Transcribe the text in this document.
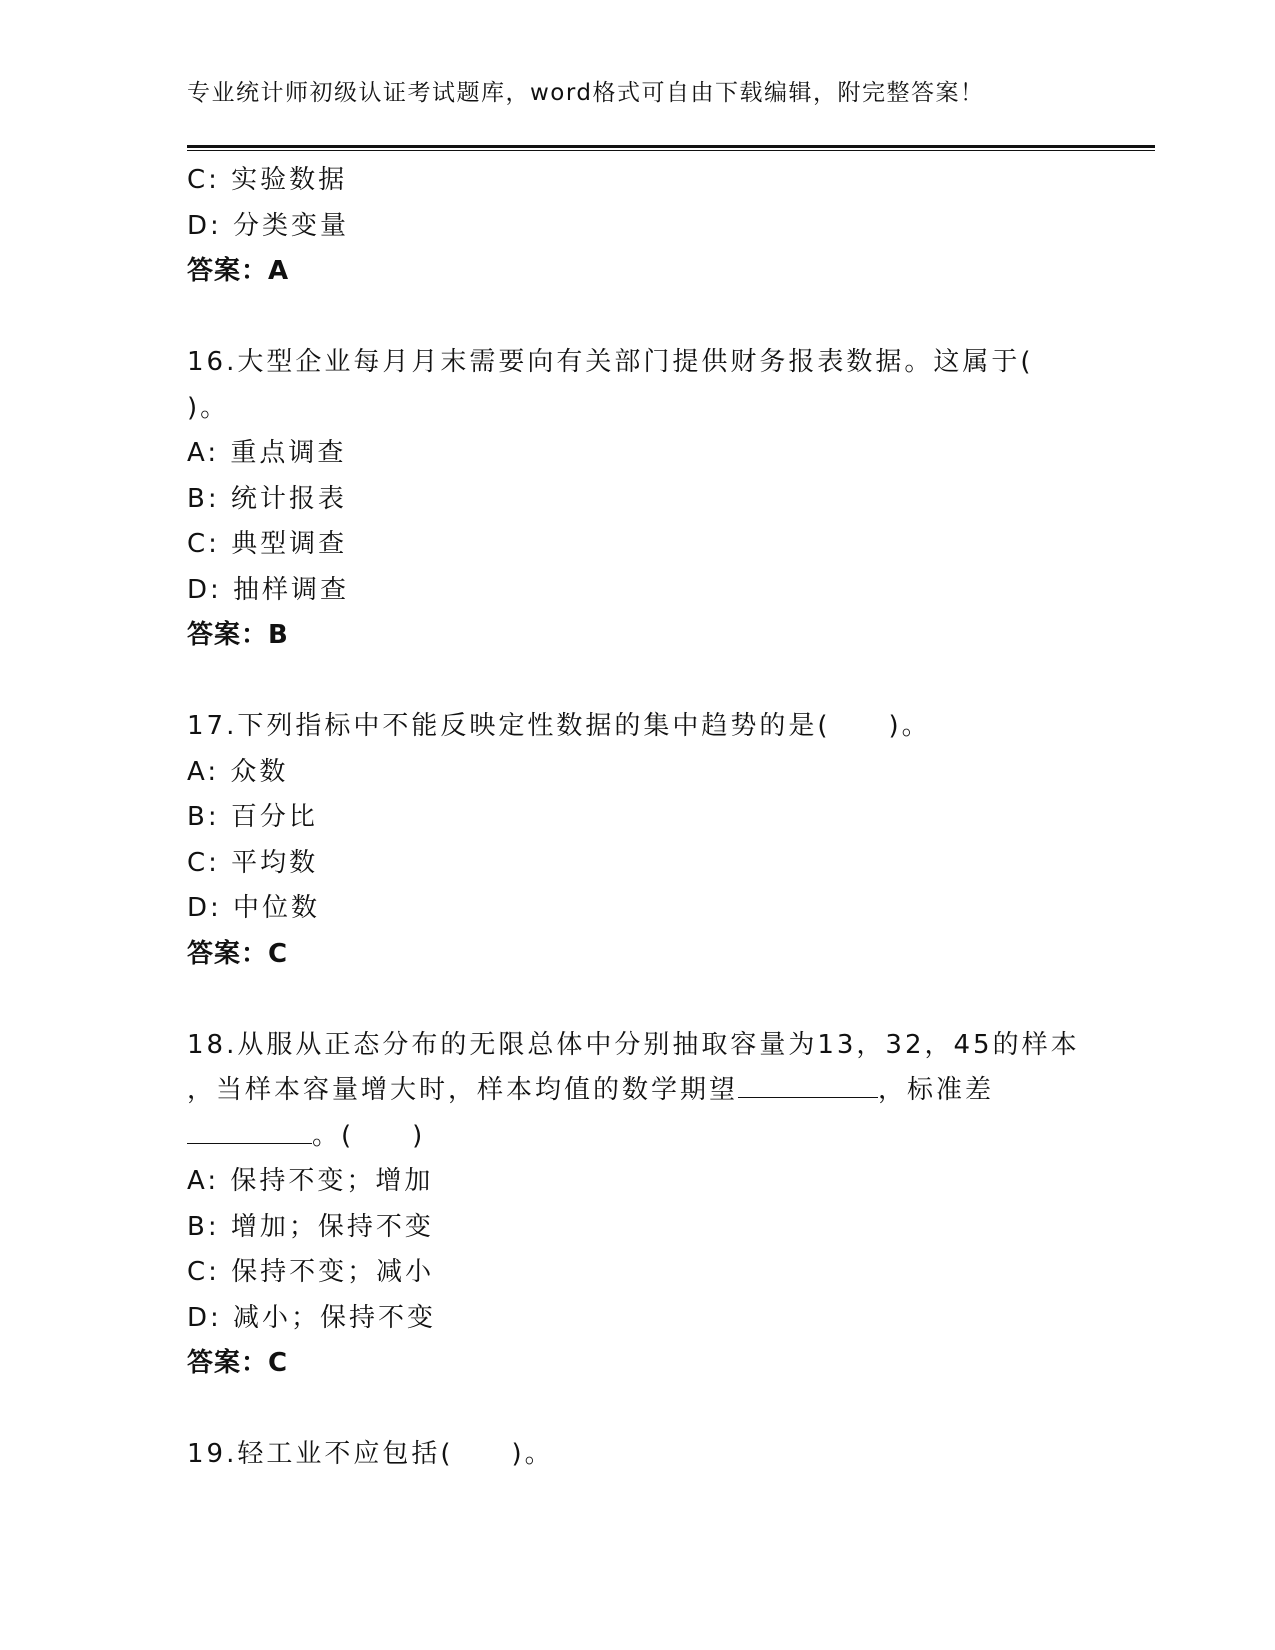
专业统计师初级认证考试题库，word格式可自由下载编辑，附完整答案！
C: 实验数据
D: 分类变量
答案：A
16.大型企业每月月末需要向有关部门提供财务报表数据。这属于(
)。
A: 重点调查
B: 统计报表
C: 典型调查
D: 抽样调查
答案：B
17.下列指标中不能反映定性数据的集中趋势的是(　　)。
A: 众数
B: 百分比
C: 平均数
D: 中位数
答案：C
18.从服从正态分布的无限总体中分别抽取容量为13，32，45的样本
，当样本容量增大时，样本均值的数学期望	，标准差
。(　　)
A: 保持不变；增加
B: 增加；保持不变
C: 保持不变；减小
D: 减小；保持不变
答案：C
19.轻工业不应包括(　　)。
